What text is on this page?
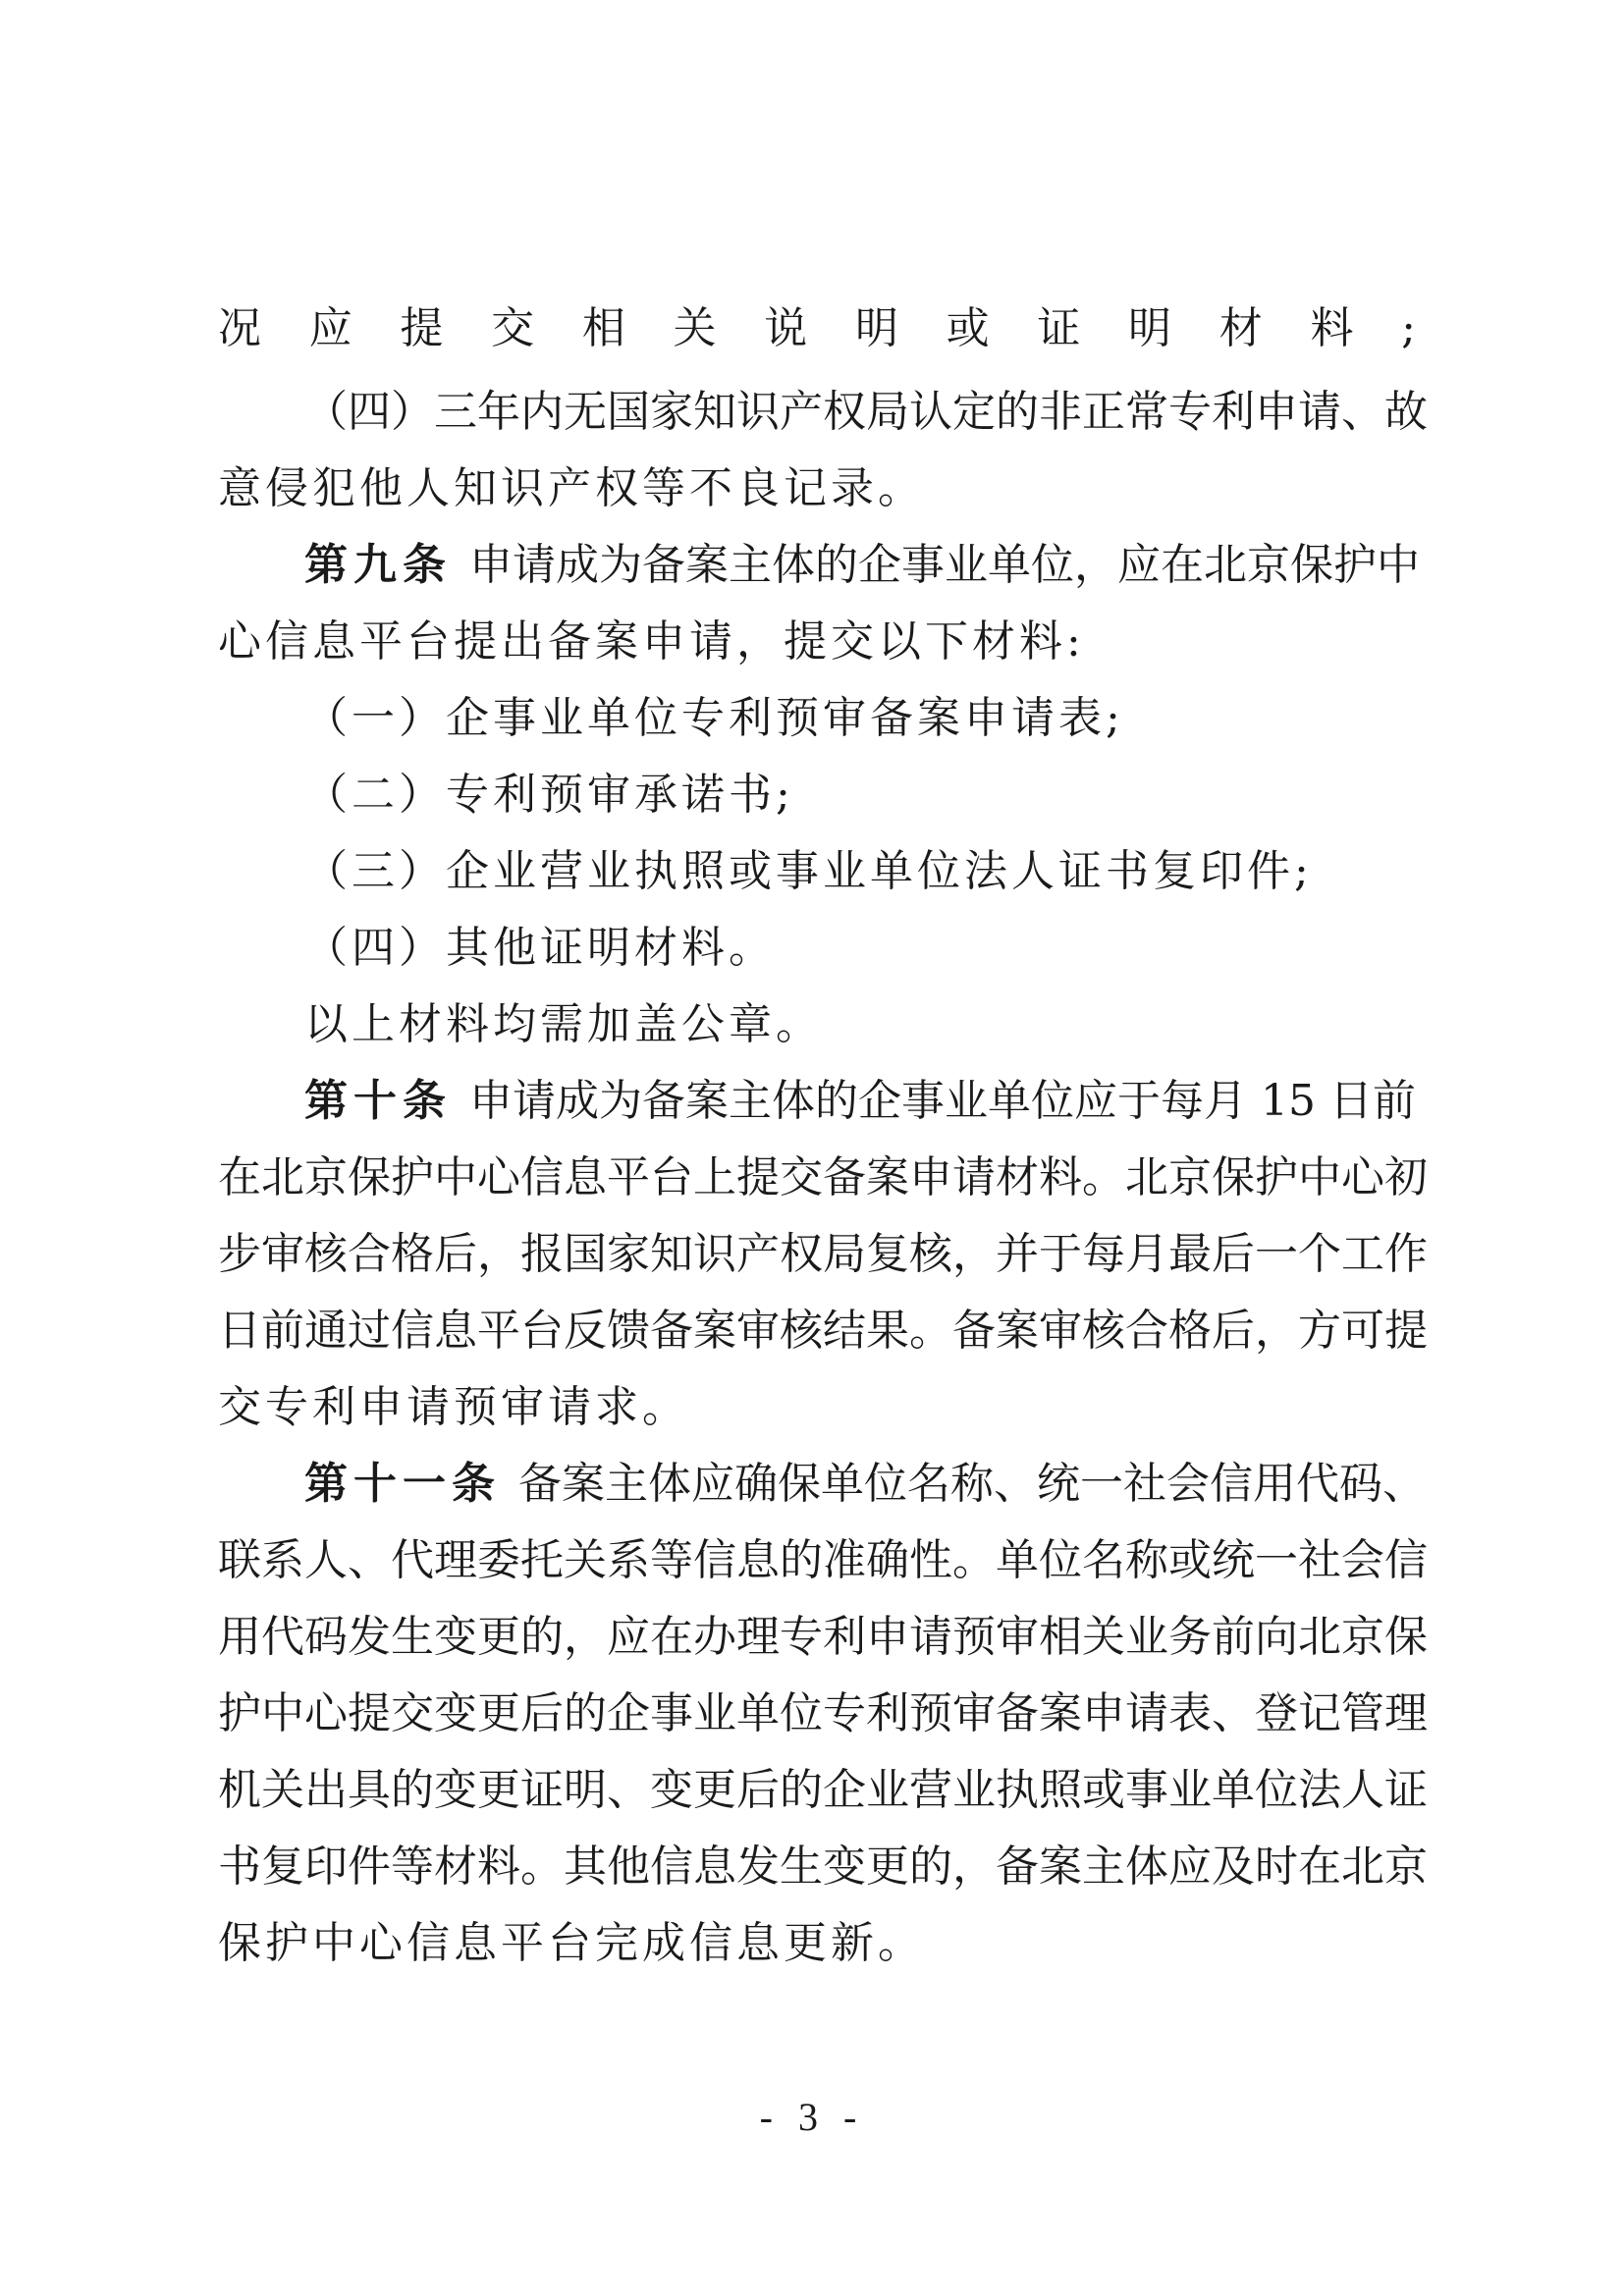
况应提交相关说明或证明材料;
（四）三年内无国家知识产权局认定的非正常专利申请、故
意侵犯他人知识产权等不良记录。
第九条 申请成为备案主体的企事业单位，应在北京保护中
心信息平台提出备案申请，提交以下材料:
（一）企事业单位专利预审备案申请表;
（二）专利预审承诺书;
（三）企业营业执照或事业单位法人证书复印件;
（四）其他证明材料。
以上材料均需加盖公章。
第十条 申请成为备案主体的企事业单位应于每月 15 日前
在北京保护中心信息平台上提交备案申请材料。北京保护中心初
步审核合格后，报国家知识产权局复核，并于每月最后一个工作
日前通过信息平台反馈备案审核结果。备案审核合格后，方可提
交专利申请预审请求。
第十一条 备案主体应确保单位名称、统一社会信用代码、
联系人、代理委托关系等信息的准确性。单位名称或统一社会信
用代码发生变更的，应在办理专利申请预审相关业务前向北京保
护中心提交变更后的企事业单位专利预审备案申请表、登记管理
机关出具的变更证明、变更后的企业营业执照或事业单位法人证
书复印件等材料。其他信息发生变更的，备案主体应及时在北京
保护中心信息平台完成信息更新。
- 3 -
